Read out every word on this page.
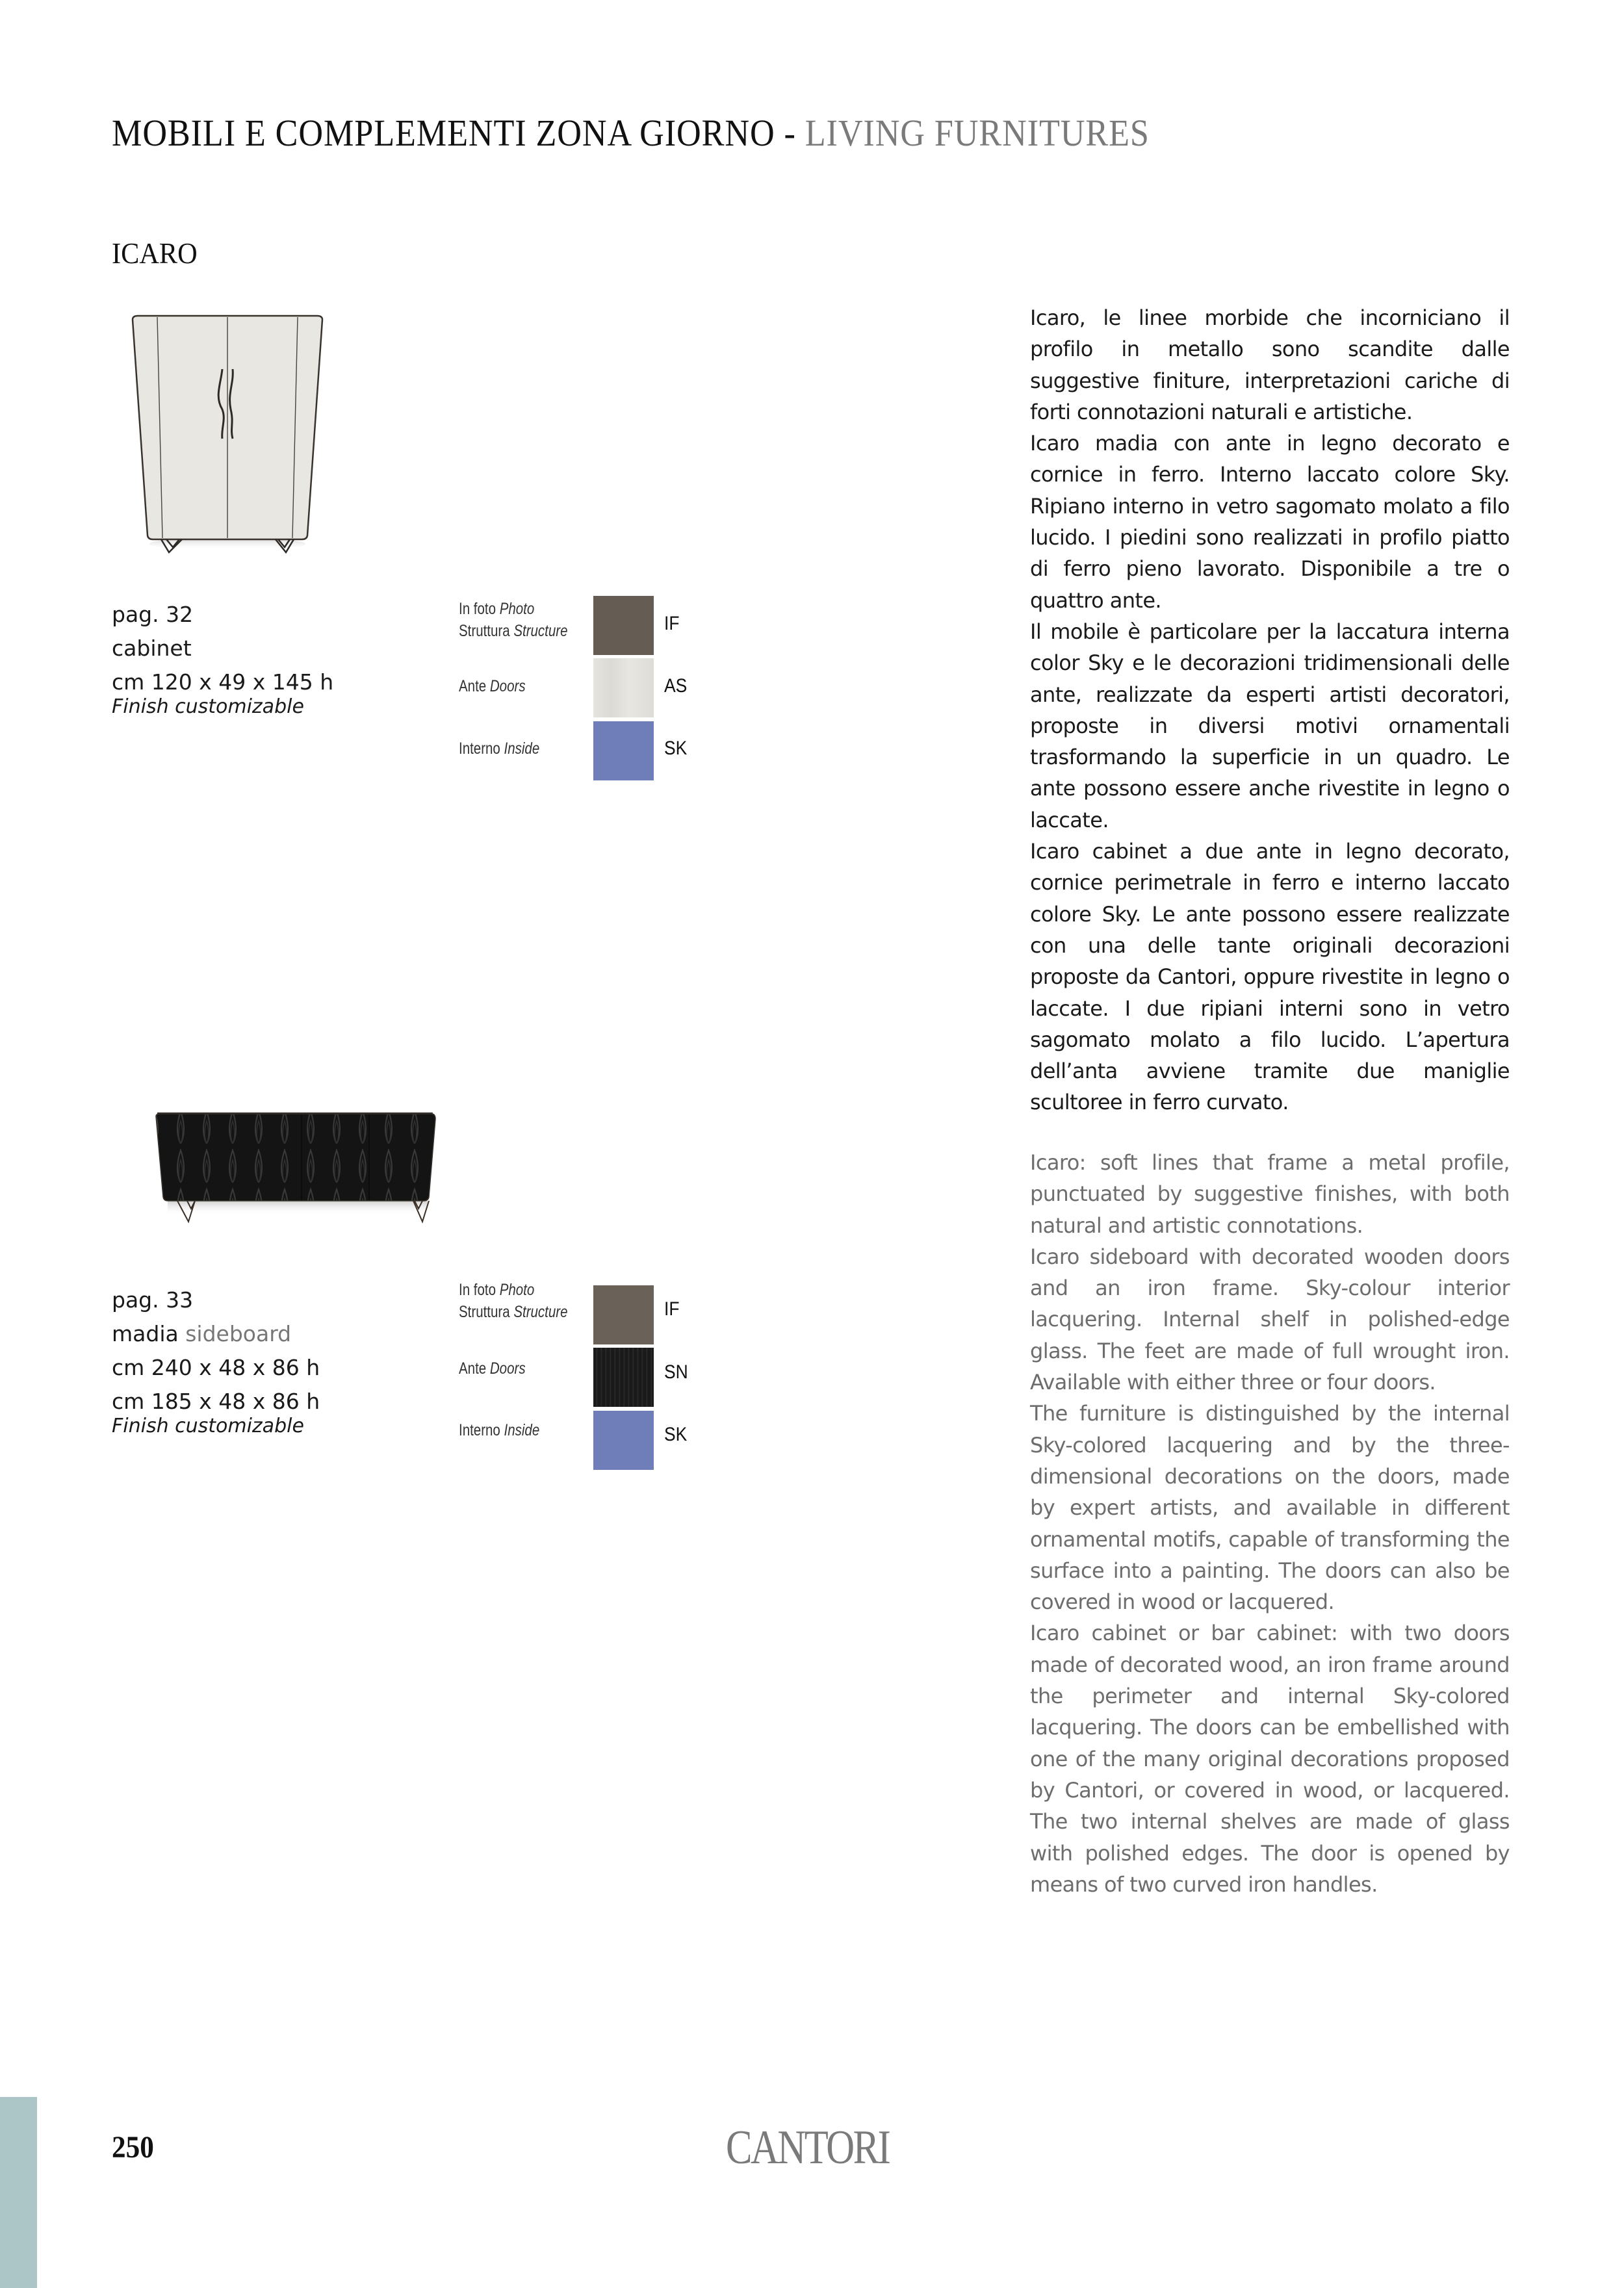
MOBILI E COMPLEMENTI ZONA GIORNO - LIVING FURNITURES
ICARO
pag. 32
cabinet
cm 120 x 49 x 145 h
Finish customizable
In foto Photo
Struttura Structure
Ante Doors
Interno Inside
IF
AS
SK
pag. 33
madia sideboard
cm 240 x 48 x 86 h
cm 185 x 48 x 86 h
Finish customizable
In foto Photo
Struttura Structure
Ante Doors
Interno Inside
IF
SN
SK

Icaro, le linee morbide che incorniciano il profilo in metallo sono scandite dalle suggestive finiture, interpretazioni cariche di forti connotazioni naturali e artistiche.

Icaro madia con ante in legno decorato e cornice in ferro. Interno laccato colore Sky. Ripiano interno in vetro sagomato molato a filo lucido. I piedini sono realizzati in profilo piatto di ferro pieno lavorato. Disponibile a tre o quattro ante.

Il mobile è particolare per la laccatura interna color Sky e le decorazioni tridimensionali delle ante, realizzate da esperti artisti decoratori, proposte in diversi motivi ornamentali trasformando la superficie in un quadro. Le ante possono essere anche rivestite in legno o laccate.

Icaro cabinet a due ante in legno decorato, cornice perimetrale in ferro e interno laccato colore Sky. Le ante possono essere realizzate con una delle tante originali decorazioni proposte da Cantori, oppure rivestite in legno o laccate. I due ripiani interni sono in vetro sagomato molato a filo lucido. L’apertura dell’anta avviene tramite due maniglie scultoree in ferro curvato.

Icaro: soft lines that frame a metal profile, punctuated by suggestive finishes, with both natural and artistic connotations.

Icaro sideboard with decorated wooden doors and an iron frame. Sky-colour interior lacquering. Internal shelf in polished-edge glass. The feet are made of full wrought iron. Available with either three or four doors.

The furniture is distinguished by the internal Sky-colored lacquering and by the three-dimensional decorations on the doors, made by expert artists, and available in different ornamental motifs, capable of transforming the surface into a painting. The doors can also be covered in wood or lacquered.

Icaro cabinet or bar cabinet: with two doors made of decorated wood, an iron frame around the perimeter and internal Sky-colored lacquering. The doors can be embellished with one of the many original decorations proposed by Cantori, or covered in wood, or lacquered. The two internal shelves are made of glass with polished edges. The door is opened by means of two curved iron handles.

250	CANTORI
